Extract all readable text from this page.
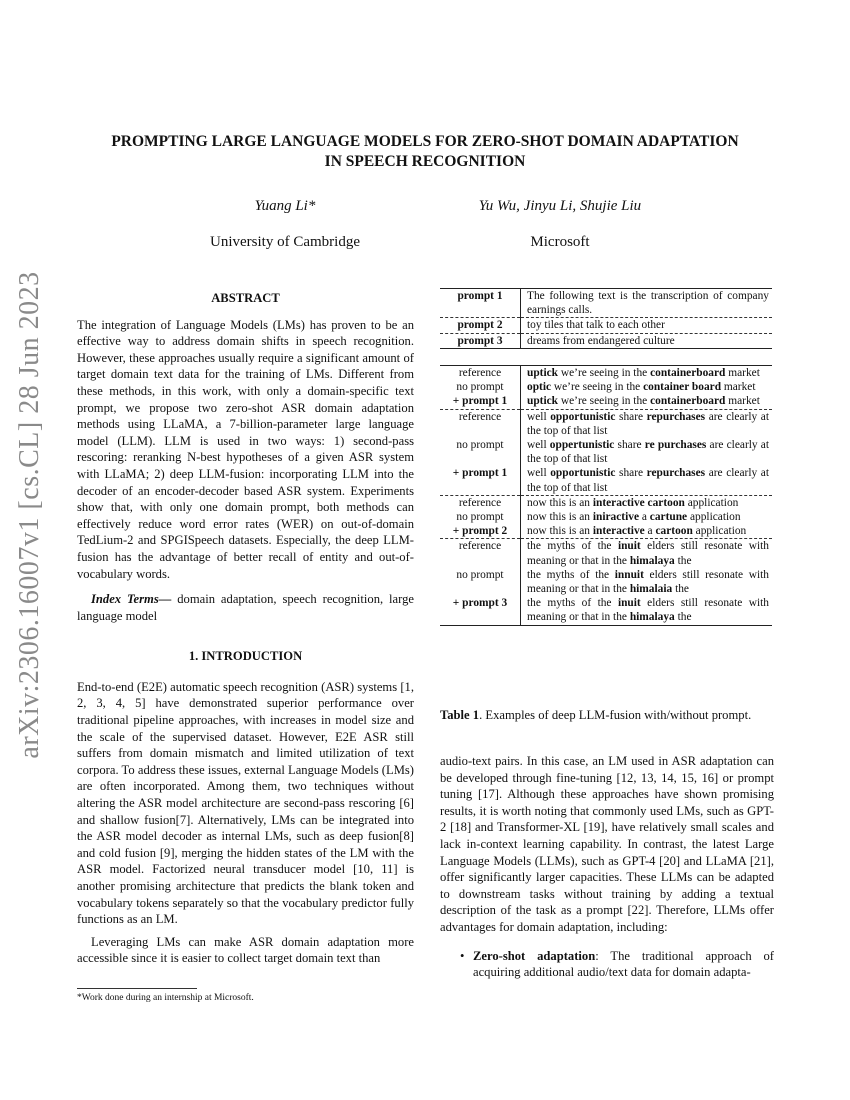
arXiv:2306.16007v1 [cs.CL] 28 Jun 2023
PROMPTING LARGE LANGUAGE MODELS FOR ZERO-SHOT DOMAIN ADAPTATION
IN SPEECH RECOGNITION
Yuang Li*	Yu Wu, Jinyu Li, Shujie Liu
University of Cambridge	Microsoft

ABSTRACT

The integration of Language Models (LMs) has proven to be an effective way to address domain shifts in speech recognition. However, these approaches usually require a significant amount of target domain text data for the training of LMs. Different from these methods, in this work, with only a domain-specific text prompt, we propose two zero-shot ASR domain adaptation methods using LLaMA, a 7-billion-parameter large language model (LLM). LLM is used in two ways: 1) second-pass rescoring: reranking N-best hypotheses of a given ASR system with LLaMA; 2) deep LLM-fusion: incorporating LLM into the decoder of an encoder-decoder based ASR system. Experiments show that, with only one domain prompt, both methods can effectively reduce word error rates (WER) on out-of-domain TedLium-2 and SPGISpeech datasets. Especially, the deep LLM-fusion has the advantage of better recall of entity and out-of-vocabulary words.

Index Terms— domain adaptation, speech recognition, large language model

1. INTRODUCTION

End-to-end (E2E) automatic speech recognition (ASR) systems [1, 2, 3, 4, 5] have demonstrated superior performance over traditional pipeline approaches, with increases in model size and the scale of the supervised dataset. However, E2E ASR still suffers from domain mismatch and limited utilization of text corpora. To address these issues, external Language Models (LMs) are often incorporated. Among them, two techniques without altering the ASR model architecture are second-pass rescoring [6] and shallow fusion[7]. Alternatively, LMs can be integrated into the ASR model decoder as internal LMs, such as deep fusion[8] and cold fusion [9], merging the hidden states of the LM with the ASR model. Factorized neural transducer model [10, 11] is another promising architecture that predicts the blank token and vocabulary tokens separately so that the vocabulary predictor fully functions as an LM.

Leveraging LMs can make ASR domain adaptation more accessible since it is easier to collect target domain text than

*Work done during an internship at Microsoft.
prompt 1	The following text is the transcription of company earnings calls.
prompt 2	toy tiles that talk to each other
prompt 3	dreams from endangered culture
reference	uptick we’re seeing in the containerboard market
no prompt	optic we’re seeing in the container board market
+ prompt 1	uptick we’re seeing in the containerboard market
reference	well opportunistic share repurchases are clearly at the top of that list
no prompt	well oppertunistic share re purchases are clearly at the top of that list
+ prompt 1	well opportunistic share repurchases are clearly at the top of that list
reference	now this is an interactive cartoon application
no prompt	now this is an iniractive a cartune application
+ prompt 2	now this is an interactive a cartoon application
reference	the myths of the inuit elders still resonate with meaning or that in the himalaya the
no prompt	the myths of the innuit elders still resonate with meaning or that in the himalaia the
+ prompt 3	the myths of the inuit elders still resonate with meaning or that in the himalaya the
Table 1. Examples of deep LLM-fusion with/without prompt.

audio-text pairs. In this case, an LM used in ASR adaptation can be developed through fine-tuning [12, 13, 14, 15, 16] or prompt tuning [17]. Although these approaches have shown promising results, it is worth noting that commonly used LMs, such as GPT-2 [18] and Transformer-XL [19], have relatively small scales and lack in-context learning capability. In contrast, the latest Large Language Models (LLMs), such as GPT-4 [20] and LLaMA [21], offer significantly larger capacities. These LLMs can be adapted to downstream tasks without training by adding a textual description of the task as a prompt [22]. Therefore, LLMs offer advantages for domain adaptation, including:

• Zero-shot adaptation: The traditional approach of acquiring additional audio/text data for domain adapta-
